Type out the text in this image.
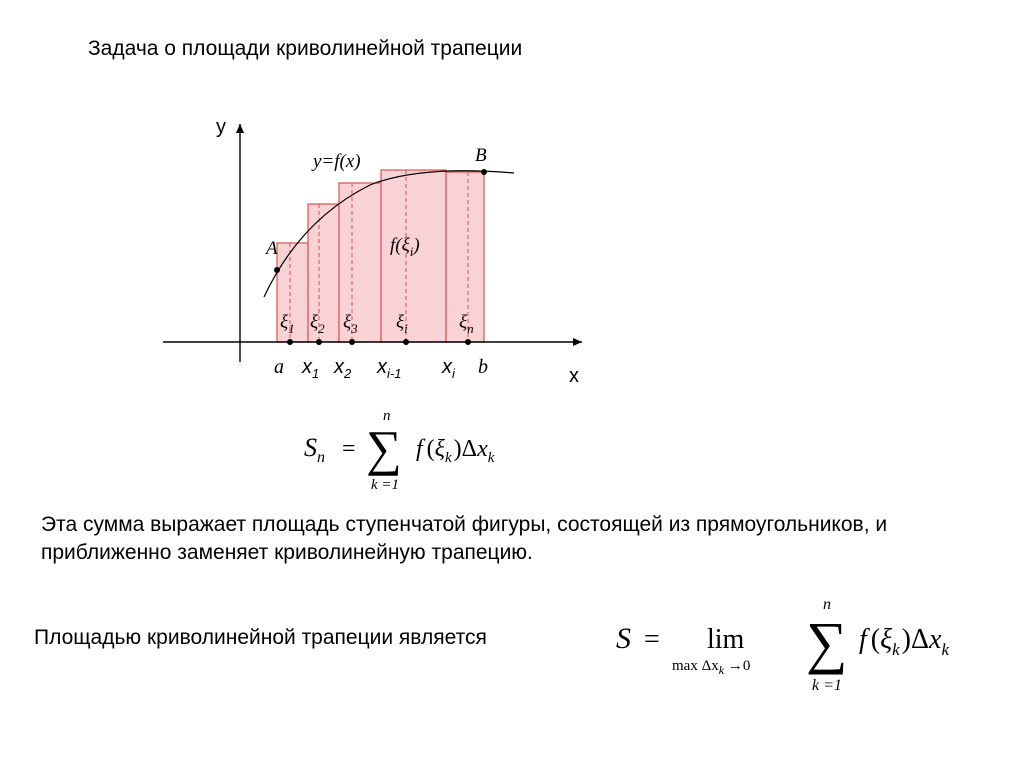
Задача о площади криволинейной трапеции
y
x
y=f(x)
A
B
$f(\xi_i)$
$\xi_1$ $\xi_2$ $\xi_3$ $\xi_i$	$\xi_n$
a $x_1$ $x_2$ $x_{i-1}$ $x_i$ b
$S_n$ = ∑
n
k =1
f $(\xi_k)\Delta x_k$
S = lim
$\max \Delta x_k \to 0$ ∑
n
k =1
f $(\xi_k)\Delta x_k$
Эта сумма выражает площадь ступенчатой фигуры, состоящей из прямоугольников, и приближенно заменяет криволинейную трапецию.
Площадью криволинейной трапеции является
